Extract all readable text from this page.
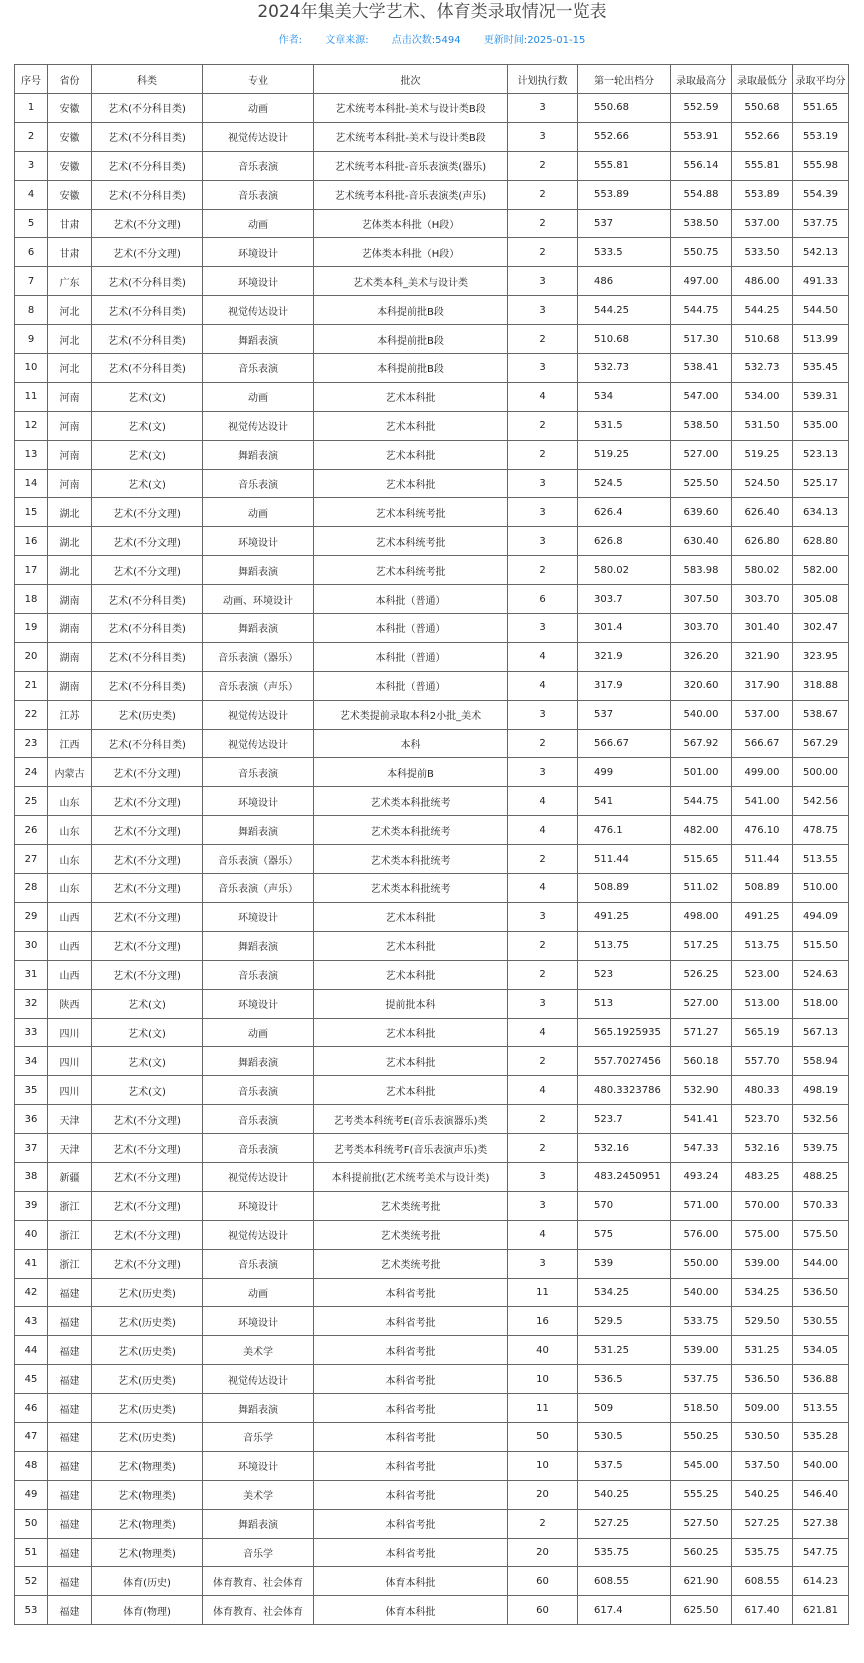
2024年集美大学艺术、体育类录取情况一览表
作者: 文章来源: 点击次数:5494 更新时间:2025-01-15
序号	省份	科类	专业	批次	计划执行数	第一轮出档分	录取最高分	录取最低分	录取平均分
1	安徽	艺术(不分科目类)	动画	艺术统考本科批-美术与设计类B段	3	550.68	552.59	550.68	551.65
2	安徽	艺术(不分科目类)	视觉传达设计	艺术统考本科批-美术与设计类B段	3	552.66	553.91	552.66	553.19
3	安徽	艺术(不分科目类)	音乐表演	艺术统考本科批-音乐表演类(器乐)	2	555.81	556.14	555.81	555.98
4	安徽	艺术(不分科目类)	音乐表演	艺术统考本科批-音乐表演类(声乐)	2	553.89	554.88	553.89	554.39
5	甘肃	艺术(不分文理)	动画	艺体类本科批（H段）	2	537	538.50	537.00	537.75
6	甘肃	艺术(不分文理)	环境设计	艺体类本科批（H段）	2	533.5	550.75	533.50	542.13
7	广东	艺术(不分科目类)	环境设计	艺术类本科_美术与设计类	3	486	497.00	486.00	491.33
8	河北	艺术(不分科目类)	视觉传达设计	本科提前批B段	3	544.25	544.75	544.25	544.50
9	河北	艺术(不分科目类)	舞蹈表演	本科提前批B段	2	510.68	517.30	510.68	513.99
10	河北	艺术(不分科目类)	音乐表演	本科提前批B段	3	532.73	538.41	532.73	535.45
11	河南	艺术(文)	动画	艺术本科批	4	534	547.00	534.00	539.31
12	河南	艺术(文)	视觉传达设计	艺术本科批	2	531.5	538.50	531.50	535.00
13	河南	艺术(文)	舞蹈表演	艺术本科批	2	519.25	527.00	519.25	523.13
14	河南	艺术(文)	音乐表演	艺术本科批	3	524.5	525.50	524.50	525.17
15	湖北	艺术(不分文理)	动画	艺术本科统考批	3	626.4	639.60	626.40	634.13
16	湖北	艺术(不分文理)	环境设计	艺术本科统考批	3	626.8	630.40	626.80	628.80
17	湖北	艺术(不分文理)	舞蹈表演	艺术本科统考批	2	580.02	583.98	580.02	582.00
18	湖南	艺术(不分科目类)	动画、环境设计	本科批（普通）	6	303.7	307.50	303.70	305.08
19	湖南	艺术(不分科目类)	舞蹈表演	本科批（普通）	3	301.4	303.70	301.40	302.47
20	湖南	艺术(不分科目类)	音乐表演（器乐）	本科批（普通）	4	321.9	326.20	321.90	323.95
21	湖南	艺术(不分科目类)	音乐表演（声乐）	本科批（普通）	4	317.9	320.60	317.90	318.88
22	江苏	艺术(历史类)	视觉传达设计	艺术类提前录取本科2小批_美术	3	537	540.00	537.00	538.67
23	江西	艺术(不分科目类)	视觉传达设计	本科	2	566.67	567.92	566.67	567.29
24	内蒙古	艺术(不分文理)	音乐表演	本科提前B	3	499	501.00	499.00	500.00
25	山东	艺术(不分文理)	环境设计	艺术类本科批统考	4	541	544.75	541.00	542.56
26	山东	艺术(不分文理)	舞蹈表演	艺术类本科批统考	4	476.1	482.00	476.10	478.75
27	山东	艺术(不分文理)	音乐表演（器乐）	艺术类本科批统考	2	511.44	515.65	511.44	513.55
28	山东	艺术(不分文理)	音乐表演（声乐）	艺术类本科批统考	4	508.89	511.02	508.89	510.00
29	山西	艺术(不分文理)	环境设计	艺术本科批	3	491.25	498.00	491.25	494.09
30	山西	艺术(不分文理)	舞蹈表演	艺术本科批	2	513.75	517.25	513.75	515.50
31	山西	艺术(不分文理)	音乐表演	艺术本科批	2	523	526.25	523.00	524.63
32	陕西	艺术(文)	环境设计	提前批本科	3	513	527.00	513.00	518.00
33	四川	艺术(文)	动画	艺术本科批	4	565.1925935	571.27	565.19	567.13
34	四川	艺术(文)	舞蹈表演	艺术本科批	2	557.7027456	560.18	557.70	558.94
35	四川	艺术(文)	音乐表演	艺术本科批	4	480.3323786	532.90	480.33	498.19
36	天津	艺术(不分文理)	音乐表演	艺考类本科统考E(音乐表演器乐)类	2	523.7	541.41	523.70	532.56
37	天津	艺术(不分文理)	音乐表演	艺考类本科统考F(音乐表演声乐)类	2	532.16	547.33	532.16	539.75
38	新疆	艺术(不分文理)	视觉传达设计	本科提前批(艺术统考美术与设计类)	3	483.2450951	493.24	483.25	488.25
39	浙江	艺术(不分文理)	环境设计	艺术类统考批	3	570	571.00	570.00	570.33
40	浙江	艺术(不分文理)	视觉传达设计	艺术类统考批	4	575	576.00	575.00	575.50
41	浙江	艺术(不分文理)	音乐表演	艺术类统考批	3	539	550.00	539.00	544.00
42	福建	艺术(历史类)	动画	本科省考批	11	534.25	540.00	534.25	536.50
43	福建	艺术(历史类)	环境设计	本科省考批	16	529.5	533.75	529.50	530.55
44	福建	艺术(历史类)	美术学	本科省考批	40	531.25	539.00	531.25	534.05
45	福建	艺术(历史类)	视觉传达设计	本科省考批	10	536.5	537.75	536.50	536.88
46	福建	艺术(历史类)	舞蹈表演	本科省考批	11	509	518.50	509.00	513.55
47	福建	艺术(历史类)	音乐学	本科省考批	50	530.5	550.25	530.50	535.28
48	福建	艺术(物理类)	环境设计	本科省考批	10	537.5	545.00	537.50	540.00
49	福建	艺术(物理类)	美术学	本科省考批	20	540.25	555.25	540.25	546.40
50	福建	艺术(物理类)	舞蹈表演	本科省考批	2	527.25	527.50	527.25	527.38
51	福建	艺术(物理类)	音乐学	本科省考批	20	535.75	560.25	535.75	547.75
52	福建	体育(历史)	体育教育、社会体育	体育本科批	60	608.55	621.90	608.55	614.23
53	福建	体育(物理)	体育教育、社会体育	体育本科批	60	617.4	625.50	617.40	621.81
